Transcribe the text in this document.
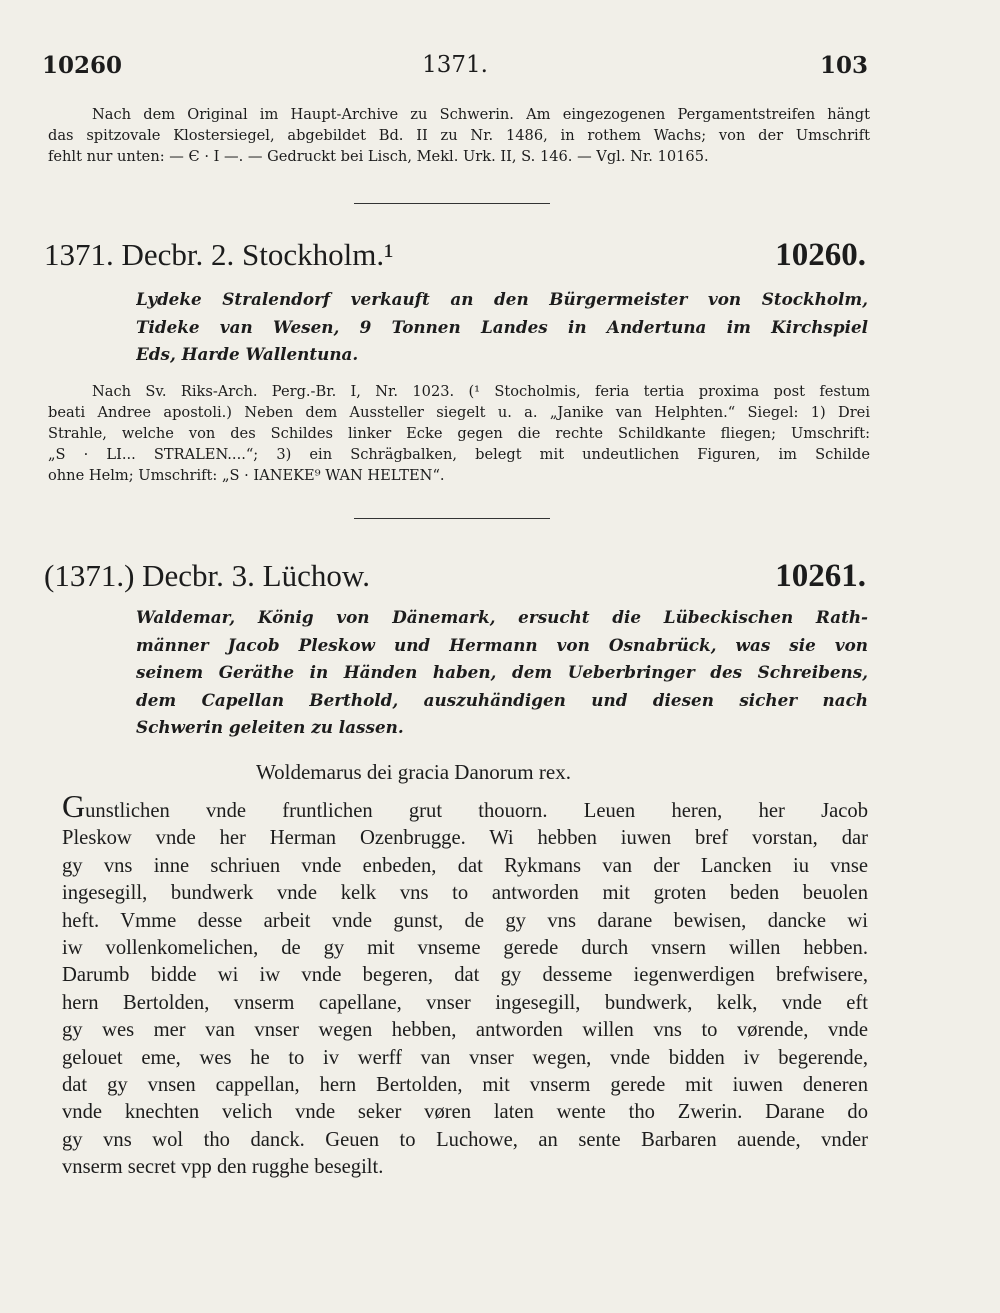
10260	1371.	103
Nach dem Original im Haupt-Archive zu Schwerin. Am eingezogenen Pergamentstreifen hängt
das spitzovale Klostersiegel, abgebildet Bd. II zu Nr. 1486, in rothem Wachs; von der Umschrift
fehlt nur unten: — Є · I —. — Gedruckt bei Lisch, Mekl. Urk. II, S. 146. — Vgl. Nr. 10165.
1371. Decbr. 2. Stockholm.¹	10260.
Lydeke Stralendorf verkauft an den Bürgermeister von Stockholm,
Tideke van Wesen, 9 Tonnen Landes in Andertuna im Kirchspiel
Eds, Harde Wallentuna.
Nach Sv. Riks-Arch. Perg.-Br. I, Nr. 1023. (¹ Stocholmis, feria tertia proxima post festum
beati Andree apostoli.) Neben dem Aussteller siegelt u. a. „Janike van Helphten.“ Siegel: 1) Drei
Strahle, welche von des Schildes linker Ecke gegen die rechte Schildkante fliegen; Umschrift:
„S · LI... STRALEN....“; 3) ein Schrägbalken, belegt mit undeutlichen Figuren, im Schilde
ohne Helm; Umschrift: „S · IANEKE⁹ WAN HELTEN“.
(1371.) Decbr. 3. Lüchow.	10261.
Waldemar, König von Dänemark, ersucht die Lübeckischen Rath-
männer Jacob Pleskow und Hermann von Osnabrück, was sie von
seinem Geräthe in Händen haben, dem Ueberbringer des Schreibens,
dem Capellan Berthold, auszuhändigen und diesen sicher nach
Schwerin geleiten zu lassen.
Woldemarus dei gracia Danorum rex.
Gunstlichen vnde fruntlichen grut thouorn. Leuen heren, her Jacob
Pleskow vnde her Herman Ozenbrugge. Wi hebben iuwen bref vorstan, dar
gy vns inne schriuen vnde enbeden, dat Rykmans van der Lancken iu vnse
ingesegill, bundwerk vnde kelk vns to antworden mit groten beden beuolen
heft. Vmme desse arbeit vnde gunst, de gy vns darane bewisen, dancke wi
iw vollenkomelichen, de gy mit vnseme gerede durch vnsern willen hebben.
Darumb bidde wi iw vnde begeren, dat gy desseme iegenwerdigen brefwisere,
hern Bertolden, vnserm capellane, vnser ingesegill, bundwerk, kelk, vnde eft
gy wes mer van vnser wegen hebben, antworden willen vns to vørende, vnde
gelouet eme, wes he to iv werff van vnser wegen, vnde bidden iv begerende,
dat gy vnsen cappellan, hern Bertolden, mit vnserm gerede mit iuwen deneren
vnde knechten velich vnde seker vøren laten wente tho Zwerin. Darane do
gy vns wol tho danck. Geuen to Luchowe, an sente Barbaren auende, vnder
vnserm secret vpp den rugghe besegilt.
